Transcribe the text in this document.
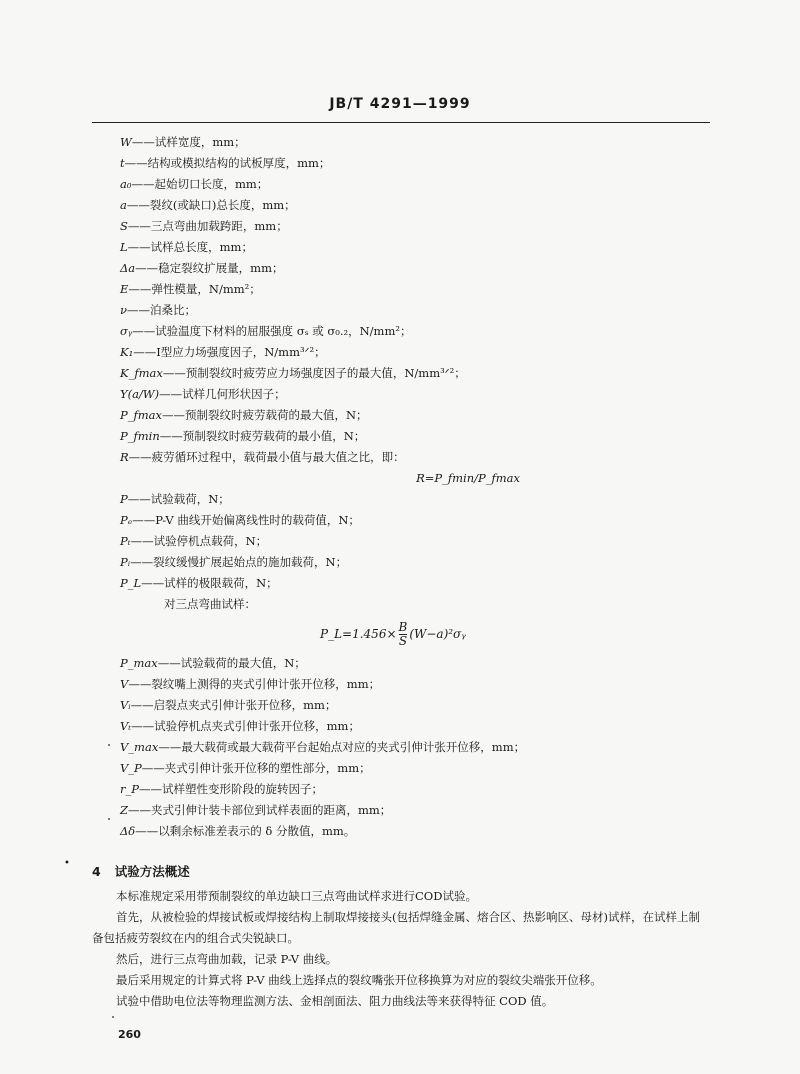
JB/T 4291—1999
W——试样宽度，mm；
t——结构或模拟结构的试板厚度，mm；
a₀——起始切口长度，mm；
a——裂纹(或缺口)总长度，mm；
S——三点弯曲加载跨距，mm；
L——试样总长度，mm；
Δa——稳定裂纹扩展量，mm；
E——弹性模量，N/mm²；
ν——泊桑比；
σᵧ——试验温度下材料的屈服强度 σₛ 或 σ₀.₂，N/mm²；
K₁——Ⅰ型应力场强度因子，N/mm³ᐟ²；
K_fmax——预制裂纹时疲劳应力场强度因子的最大值，N/mm³ᐟ²；
Y(a/W)——试样几何形状因子；
P_fmax——预制裂纹时疲劳载荷的最大值，N；
P_fmin——预制裂纹时疲劳载荷的最小值，N；
R——疲劳循环过程中，载荷最小值与最大值之比，即：
R=P_fmin/P_fmax
P——试验载荷，N；
Pₑ——P-V 曲线开始偏离线性时的载荷值，N；
Pₜ——试验停机点载荷，N；
Pᵢ——裂纹缓慢扩展起始点的施加载荷，N；
P_L——试样的极限载荷，N；
对三点弯曲试样：
P_L=1.456× $\frac{B}{S}$ (W−a)²σᵧ
P_max——试验载荷的最大值，N；
V——裂纹嘴上测得的夹式引伸计张开位移，mm；
Vᵢ——启裂点夹式引伸计张开位移，mm；
Vₜ——试验停机点夹式引伸计张开位移，mm；
V_max——最大载荷或最大载荷平台起始点对应的夹式引伸计张开位移，mm；
V_P——夹式引伸计张开位移的塑性部分，mm；
r_P——试样塑性变形阶段的旋转因子；
Z——夹式引伸计装卡部位到试样表面的距离，mm；
Δδ——以剩余标准差表示的 δ 分散值，mm。
•
4 试验方法概述

本标准规定采用带预制裂纹的单边缺口三点弯曲试样求进行COD试验。

首先，从被检验的焊接试板或焊接结构上制取焊接接头(包括焊缝金属、熔合区、热影响区、母材)试样，在试样上制备包括疲劳裂纹在内的组合式尖锐缺口。

然后，进行三点弯曲加载，记录 P-V 曲线。

最后采用规定的计算式将 P-V 曲线上选择点的裂纹嘴张开位移换算为对应的裂纹尖端张开位移。

试验中借助电位法等物理监测方法、金相剖面法、阻力曲线法等来获得特征 COD 值。

260
